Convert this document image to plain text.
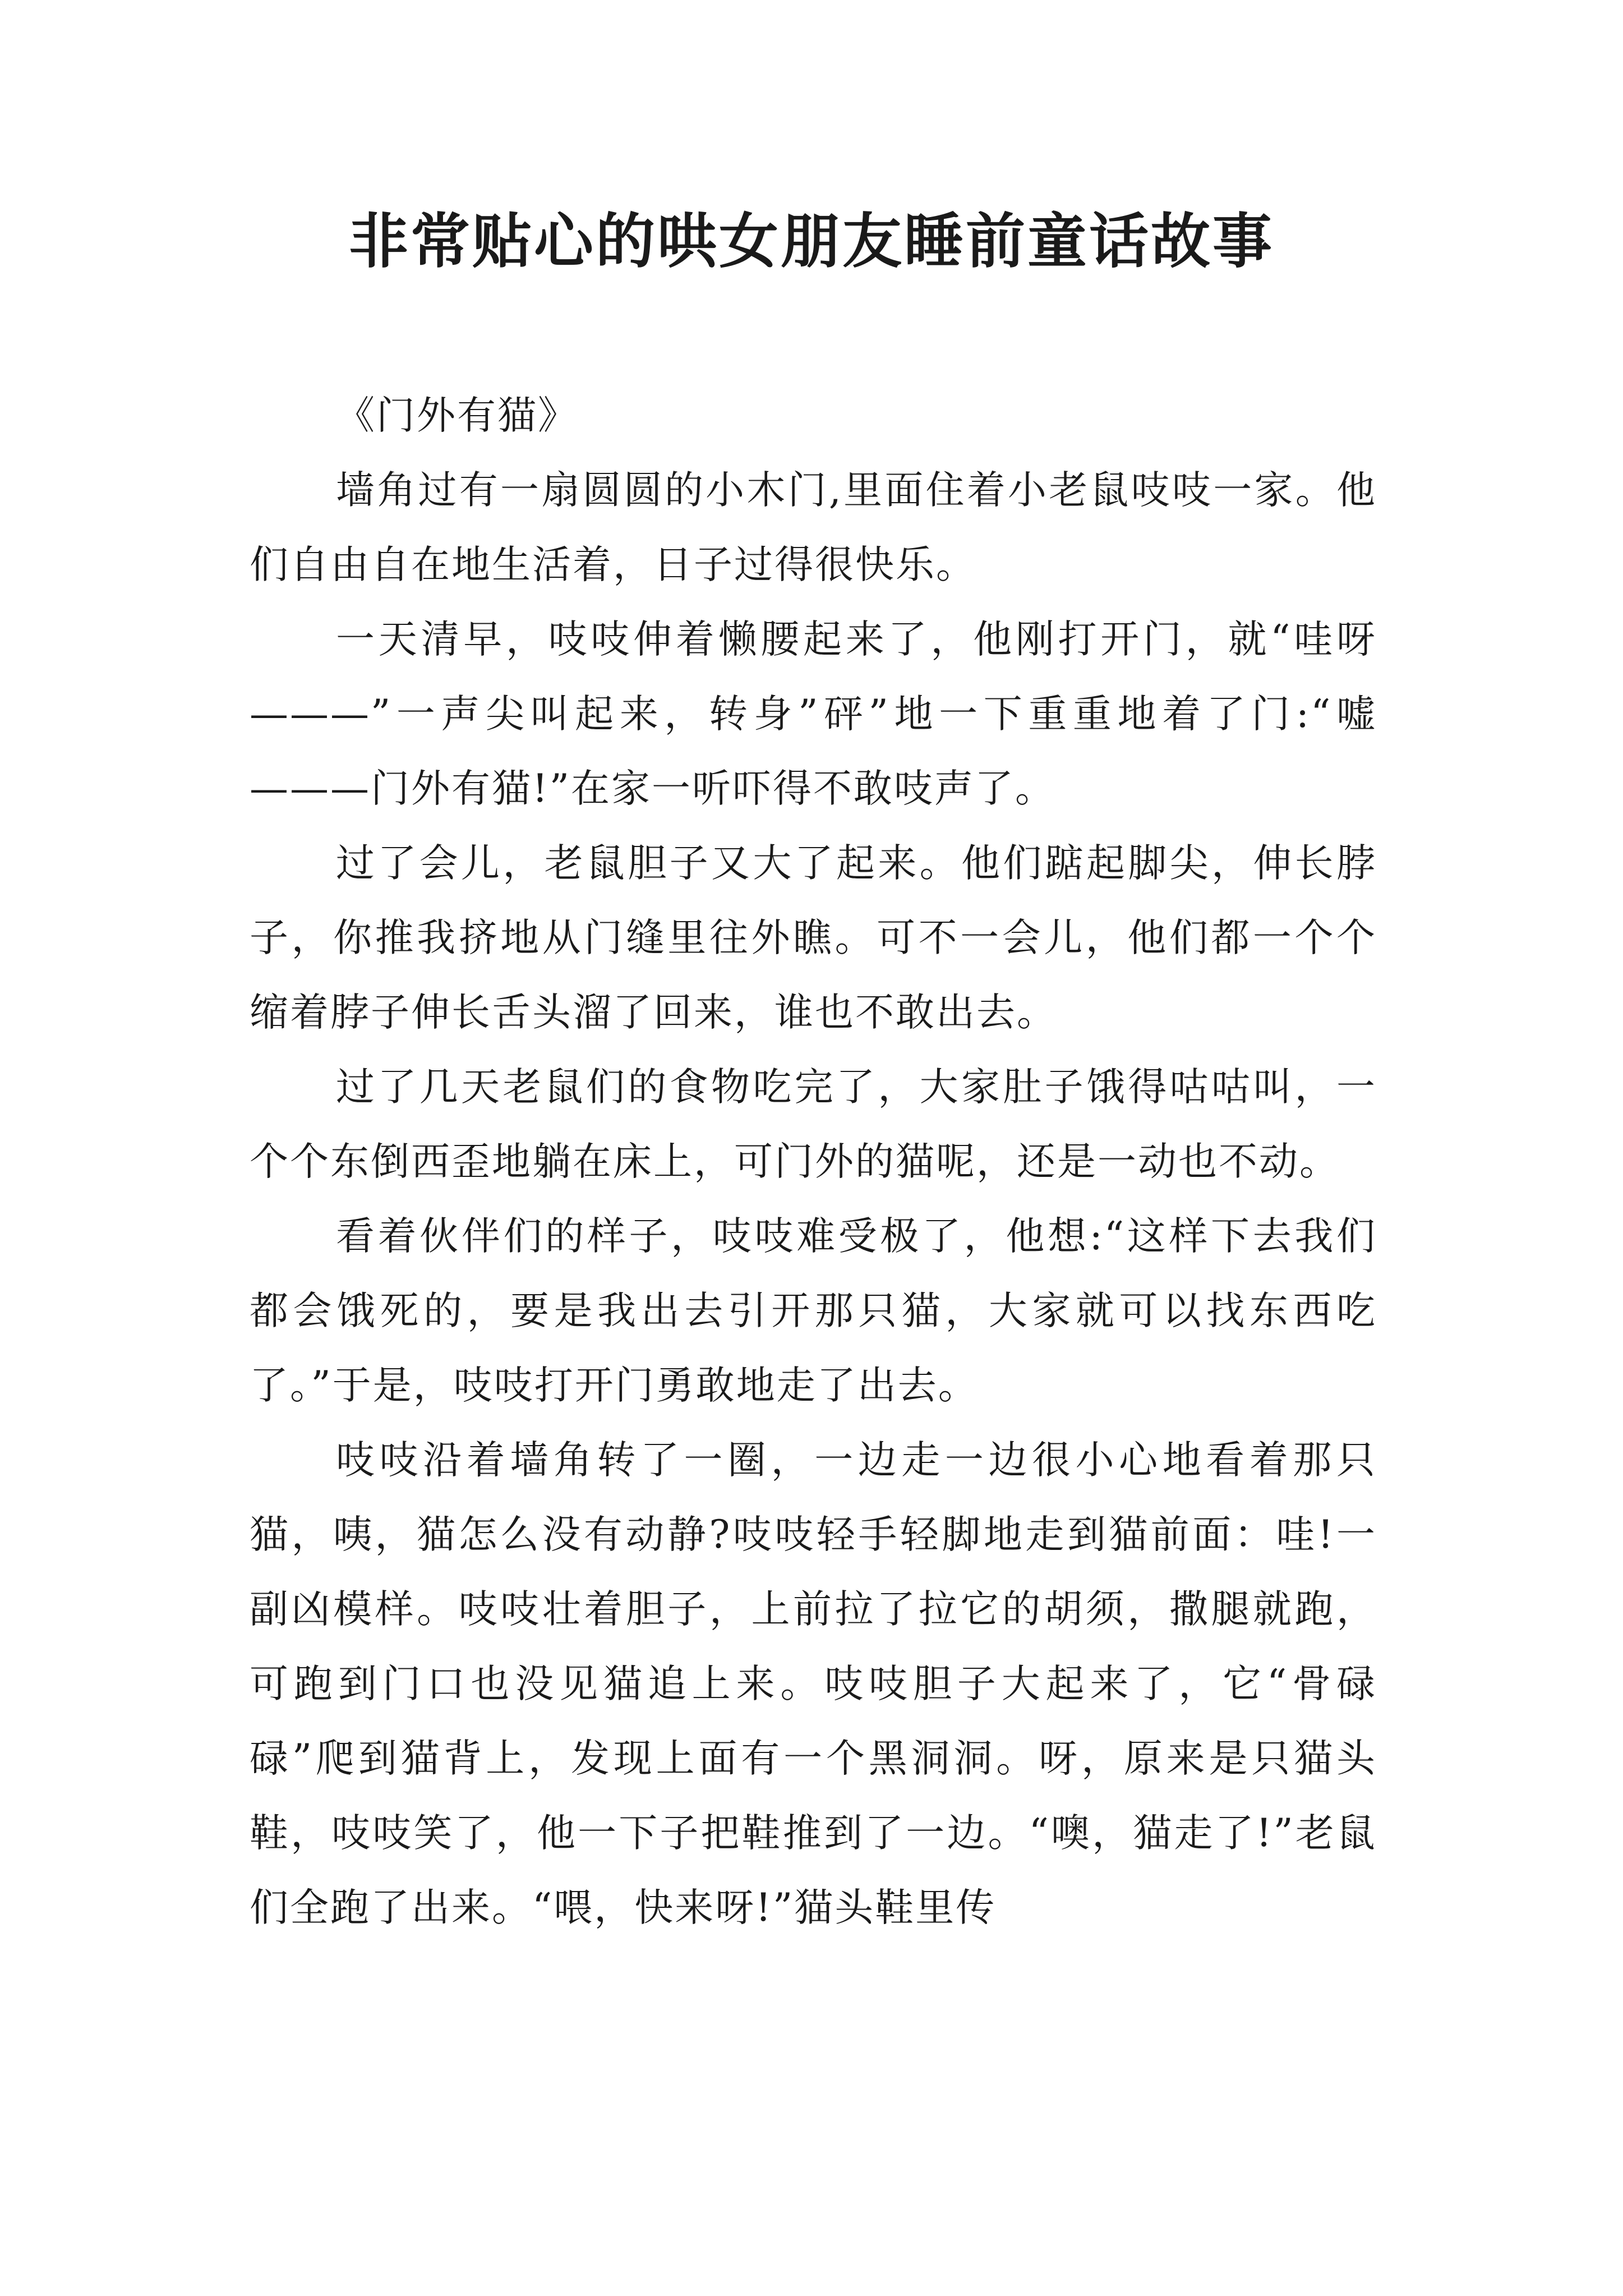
非常贴心的哄女朋友睡前童话故事

《门外有猫》

墙角过有一扇圆圆的小木门,里面住着小老鼠吱吱一家。他们自由自在地生活着，日子过得很快乐。

一天清早，吱吱伸着懒腰起来了，他刚打开门，就“哇呀———”一声尖叫起来，转身”砰”地一下重重地着了门:“嘘———门外有猫!”在家一听吓得不敢吱声了。

过了会儿，老鼠胆子又大了起来。他们踮起脚尖，伸长脖子，你推我挤地从门缝里往外瞧。可不一会儿，他们都一个个缩着脖子伸长舌头溜了回来，谁也不敢出去。

过了几天老鼠们的食物吃完了，大家肚子饿得咕咕叫，一个个东倒西歪地躺在床上，可门外的猫呢，还是一动也不动。

看着伙伴们的样子，吱吱难受极了，他想:“这样下去我们都会饿死的，要是我出去引开那只猫，大家就可以找东西吃了。”于是，吱吱打开门勇敢地走了出去。

吱吱沿着墙角转了一圈，一边走一边很小心地看着那只猫，咦，猫怎么没有动静?吱吱轻手轻脚地走到猫前面：哇!一副凶模样。吱吱壮着胆子，上前拉了拉它的胡须，撒腿就跑，可跑到门口也没见猫追上来。吱吱胆子大起来了，它“骨碌碌”爬到猫背上，发现上面有一个黑洞洞。呀，原来是只猫头鞋，吱吱笑了，他一下子把鞋推到了一边。“噢，猫走了!”老鼠们全跑了出来。“喂，快来呀!”猫头鞋里传
